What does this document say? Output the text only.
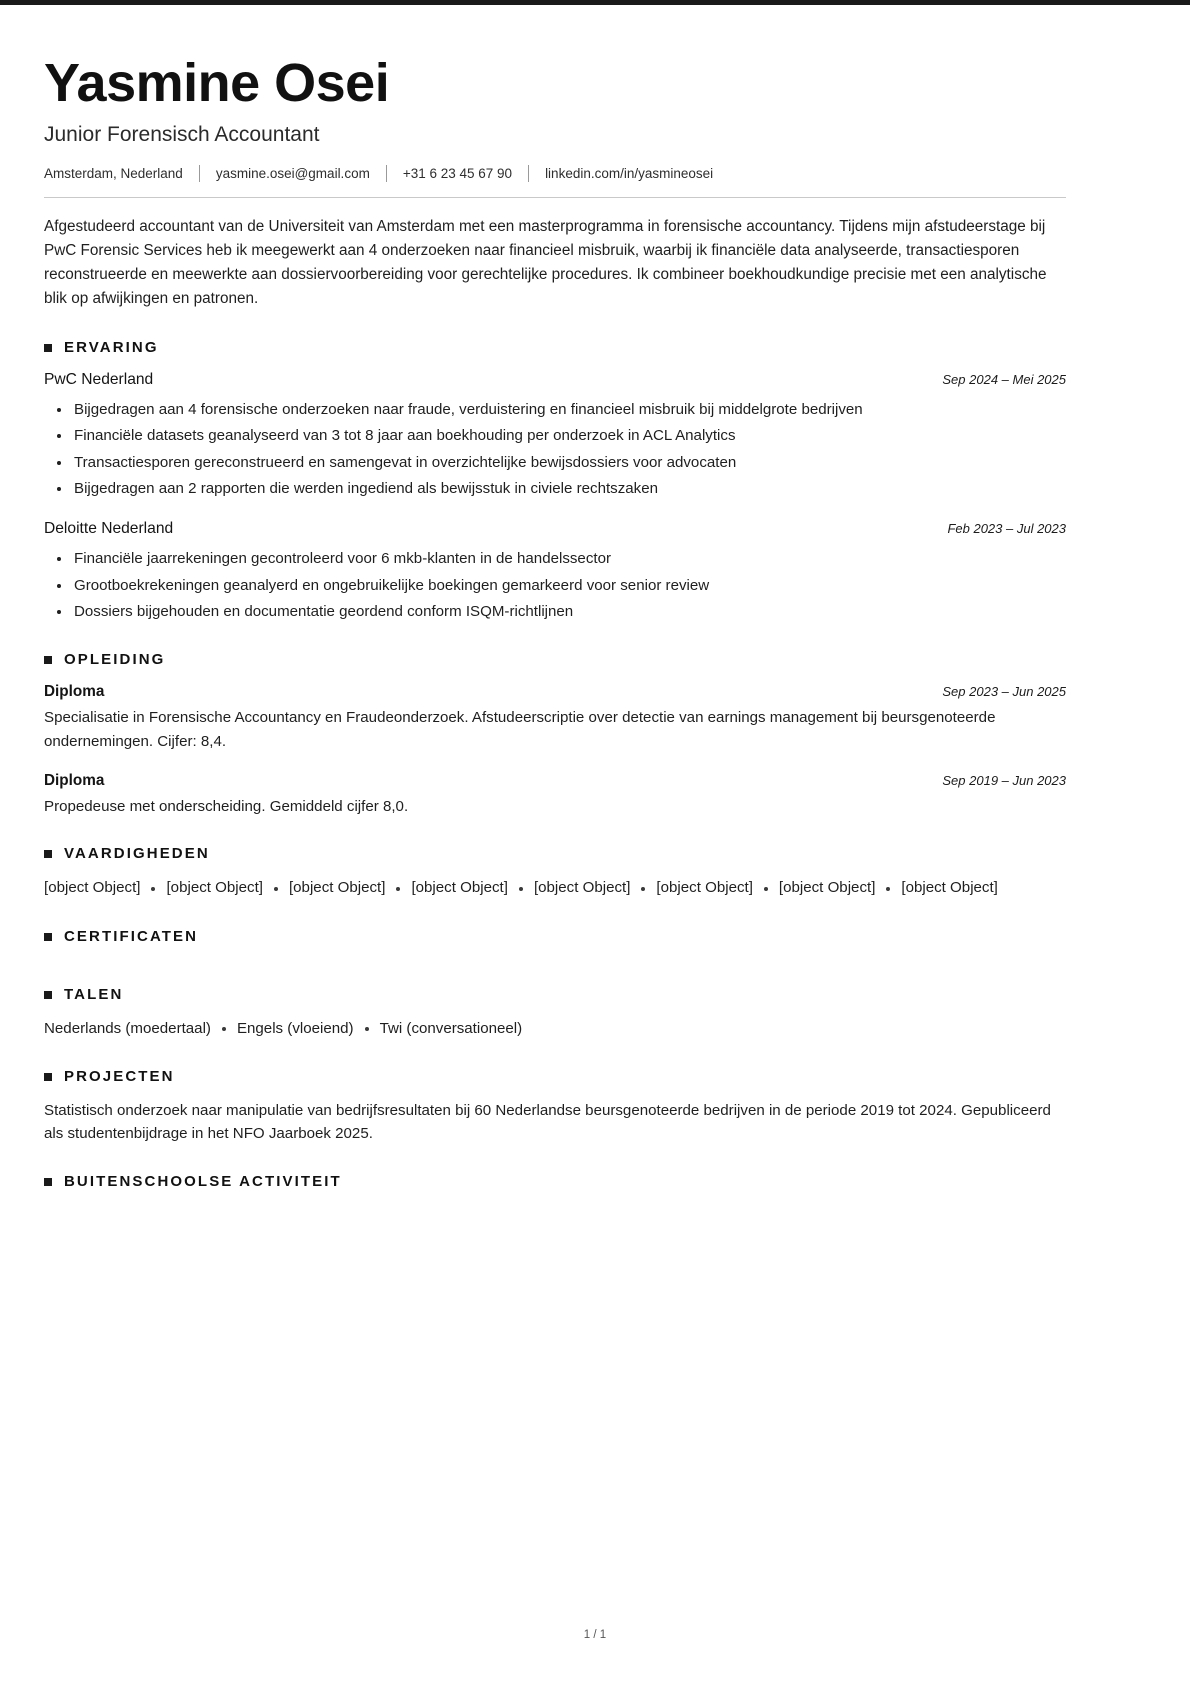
Yasmine Osei
Junior Forensisch Accountant
Amsterdam, Nederland yasmine.osei@gmail.com +31 6 23 45 67 90 linkedin.com/in/yasmineosei

Afgestudeerd accountant van de Universiteit van Amsterdam met een masterprogramma in forensische accountancy. Tijdens mijn afstudeerstage bij PwC Forensic Services heb ik meegewerkt aan 4 onderzoeken naar financieel misbruik, waarbij ik financiële data analyseerde, transactiesporen reconstrueerde en meewerkte aan dossiervoorbereiding voor gerechtelijke procedures. Ik combineer boekhoudkundige precisie met een analytische blik op afwijkingen en patronen.

ERVARING
PwC Nederland	Sep 2024 – Mei 2025
Bijgedragen aan 4 forensische onderzoeken naar fraude, verduistering en financieel misbruik bij middelgrote bedrijven
Financiële datasets geanalyseerd van 3 tot 8 jaar aan boekhouding per onderzoek in ACL Analytics
Transactiesporen gereconstrueerd en samengevat in overzichtelijke bewijsdossiers voor advocaten
Bijgedragen aan 2 rapporten die werden ingediend als bewijsstuk in civiele rechtszaken
Deloitte Nederland	Feb 2023 – Jul 2023
Financiële jaarrekeningen gecontroleerd voor 6 mkb-klanten in de handelssector
Grootboekrekeningen geanalyerd en ongebruikelijke boekingen gemarkeerd voor senior review
Dossiers bijgehouden en documentatie geordend conform ISQM-richtlijnen
OPLEIDING
Diploma	Sep 2023 – Jun 2025

Specialisatie in Forensische Accountancy en Fraudeonderzoek. Afstudeerscriptie over detectie van earnings management bij beursgenoteerde ondernemingen. Cijfer: 8,4.

Diploma	Sep 2019 – Jun 2023

Propedeuse met onderscheiding. Gemiddeld cijfer 8,0.

VAARDIGHEDEN
[object Object] [object Object] [object Object] [object Object] [object Object] [object Object] [object Object] [object Object]
CERTIFICATEN
TALEN
Nederlands (moedertaal) Engels (vloeiend) Twi (conversationeel)
PROJECTEN

Statistisch onderzoek naar manipulatie van bedrijfsresultaten bij 60 Nederlandse beursgenoteerde bedrijven in de periode 2019 tot 2024. Gepubliceerd als studentenbijdrage in het NFO Jaarboek 2025.

BUITENSCHOOLSE ACTIVITEIT
1 / 1
